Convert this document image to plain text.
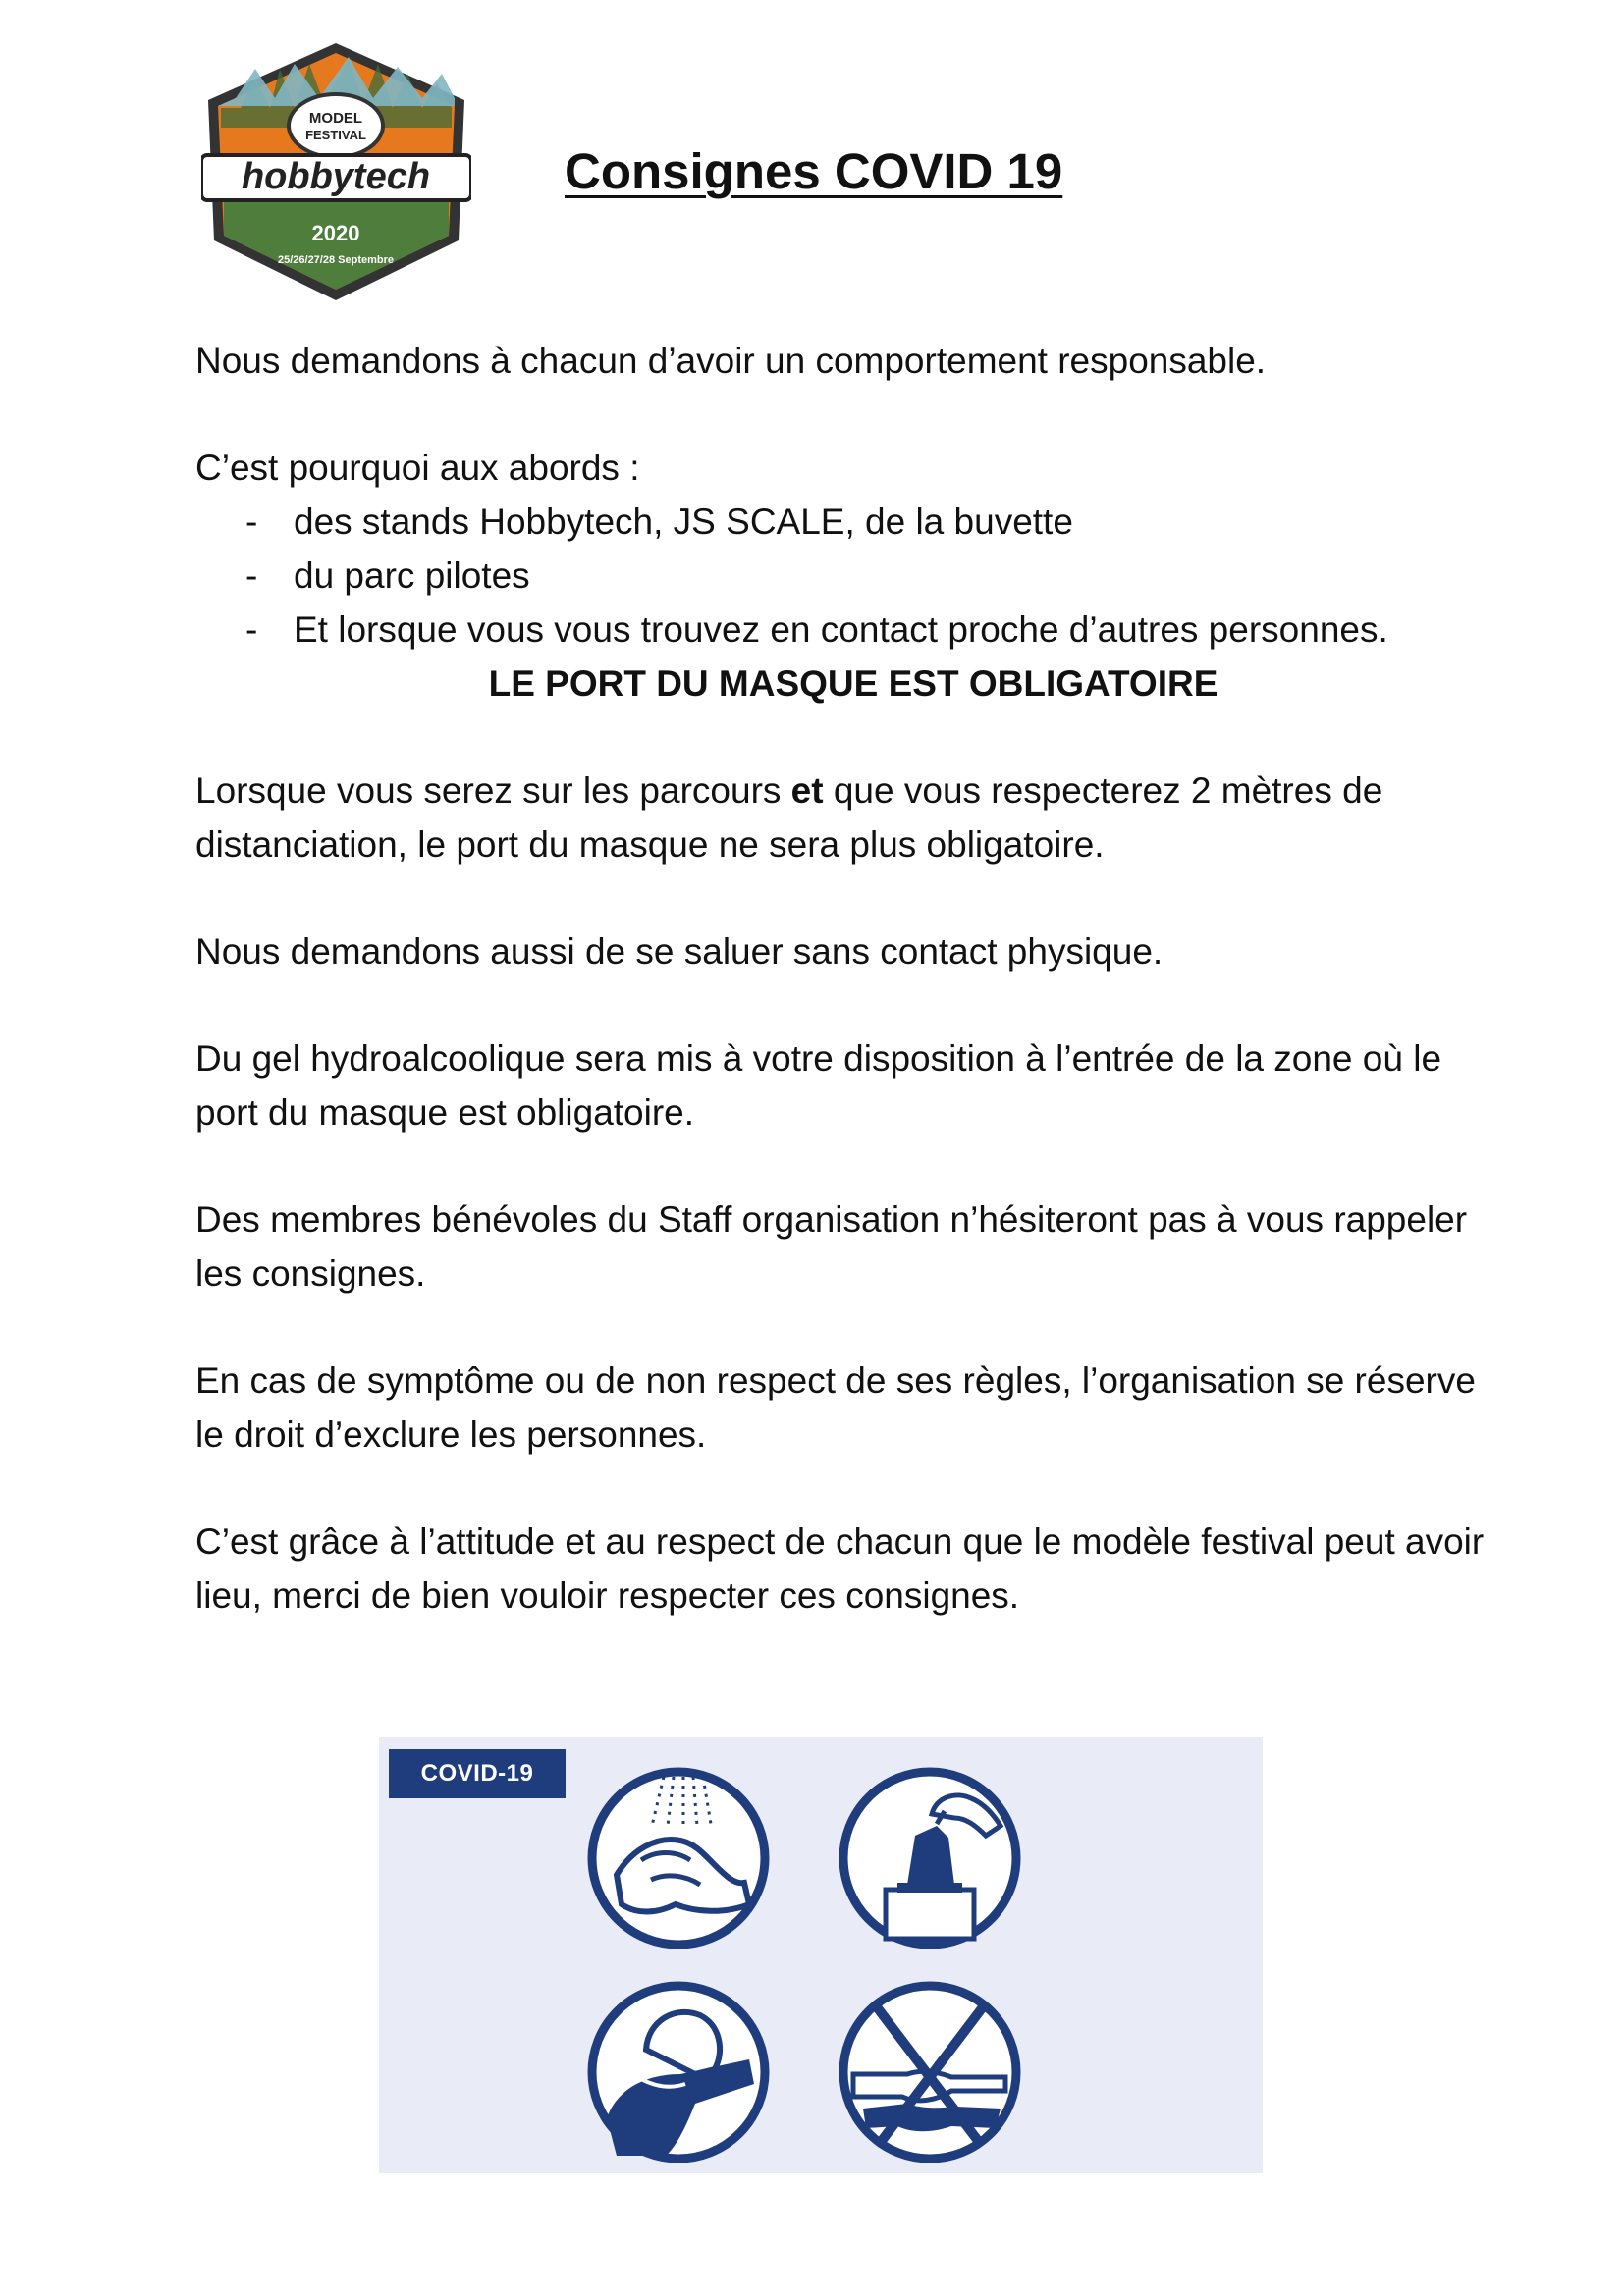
MODEL
FESTIVAL
hobbytech
2020
25/26/27/28 Septembre
Consignes COVID 19

Nous demandons à chacun d’avoir un comportement responsable.

C’est pourquoi aux abords :

- des stands Hobbytech, JS SCALE, de la buvette
- du parc pilotes
- Et lorsque vous vous trouvez en contact proche d’autres personnes.
LE PORT DU MASQUE EST OBLIGATOIRE

Lorsque vous serez sur les parcours et que vous respecterez 2 mètres de distanciation, le port du masque ne sera plus obligatoire.

Nous demandons aussi de se saluer sans contact physique.

Du gel hydroalcoolique sera mis à votre disposition à l’entrée de la zone où le port du masque est obligatoire.

Des membres bénévoles du Staff organisation n’hésiteront pas à vous rappeler les consignes.

En cas de symptôme ou de non respect de ses règles, l’organisation se réserve le droit d’exclure les personnes.

C’est grâce à l’attitude et au respect de chacun que le modèle festival peut avoir lieu, merci de bien vouloir respecter ces consignes.

COVID-19
